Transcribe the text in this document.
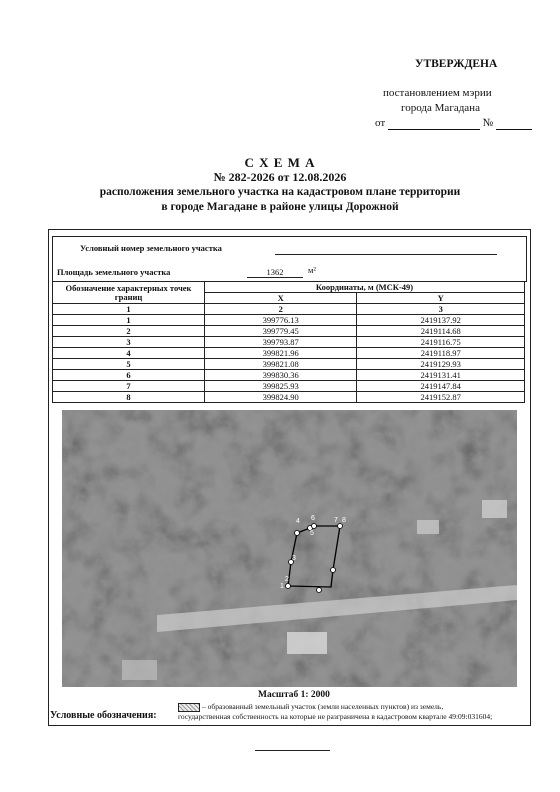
УТВЕРЖДЕНА
постановлением мэрии
города Магадана
от	№
С Х Е М А
№ 282-2026 от 12.08.2026
расположения земельного участка на кадастровом плане территории
в городе Магадане в районе улицы Дорожной
Условный номер земельного участка
Площадь земельного участка	1362	м²
Обозначение характерных точек границ	Координаты, м (МСК-49)	
	X	Y
1	2	3
1	399776.13	2419137.92
2	399779.45	2419114.68
3	399793.87	2419116.75
4	399821.96	2419118.97
5	399821.08	2419129.93
6	399830.36	2419131.41
7	399825.93	2419147.84
8	399824.90	2419152.87
1
2
3
4
5
6	7 8
Масштаб 1: 2000
Условные обозначения:
– образованный земельный участок (земли населенных пунктов) из земель,
государственная собственность на которые не разграничена в кадастровом квартале 49:09:031604;
